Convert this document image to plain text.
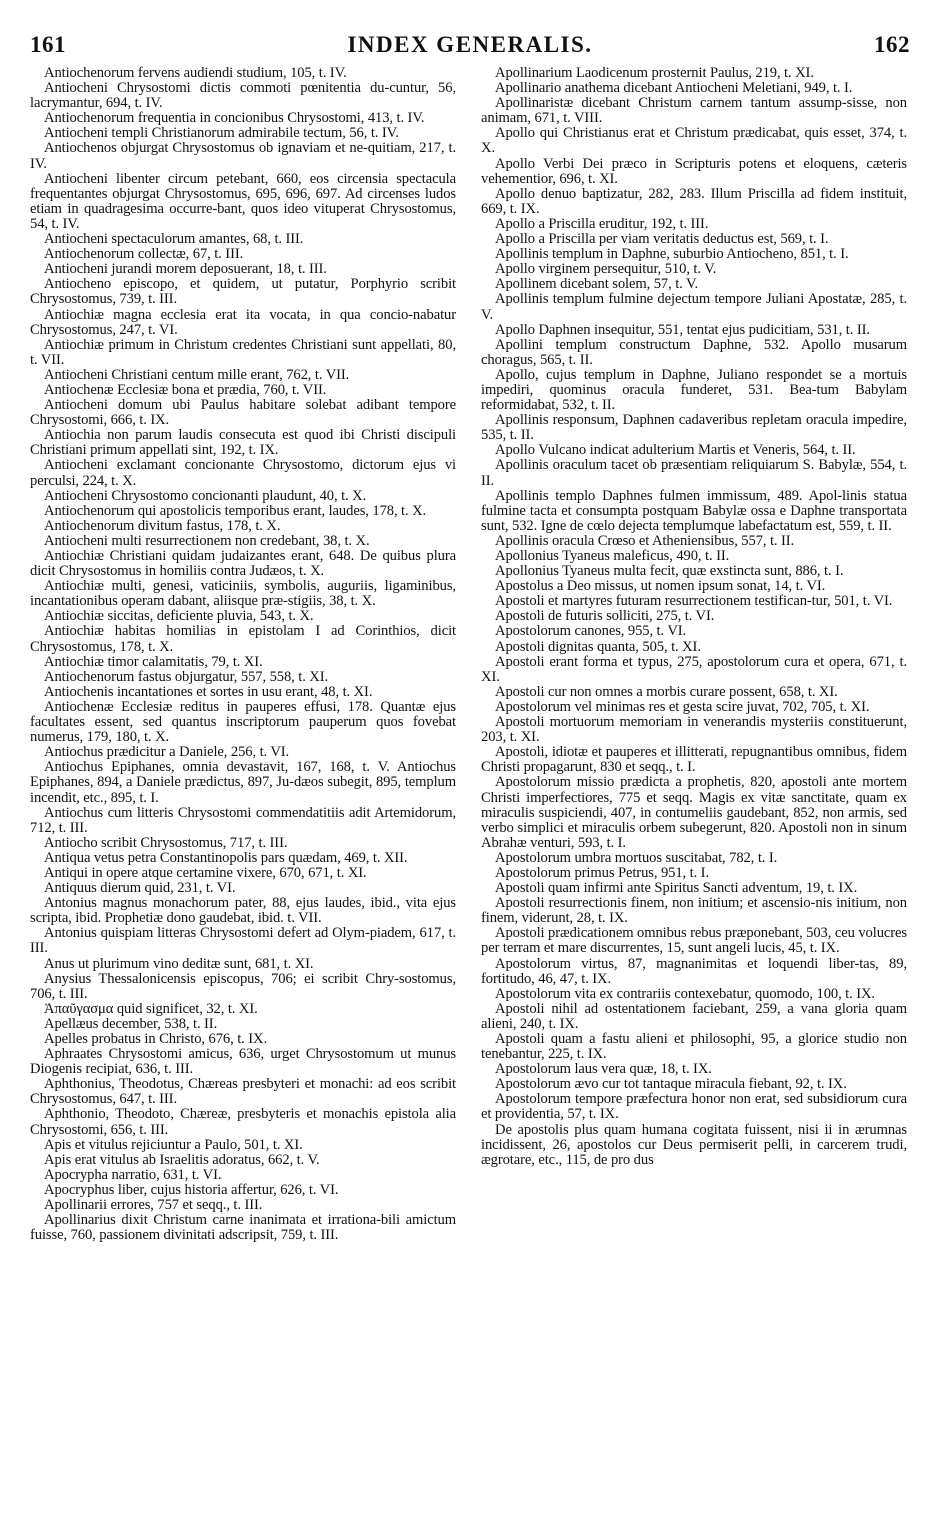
161	INDEX GENERALIS.	162

Antiochenorum fervens audiendi studium, 105, t. IV.

Antiocheni Chrysostomi dictis commoti pœnitentia du-cuntur, 56, lacrymantur, 694, t. IV.

Antiochenorum frequentia in concionibus Chrysostomi, 413, t. IV.

Antiocheni templi Christianorum admirabile tectum, 56, t. IV.

Antiochenos objurgat Chrysostomus ob ignaviam et ne-quitiam, 217, t. IV.

Antiocheni libenter circum petebant, 660, eos circensia spectacula frequentantes objurgat Chrysostomus, 695, 696, 697. Ad circenses ludos etiam in quadragesima occurre-bant, quos ideo vituperat Chrysostomus, 54, t. IV.

Antiocheni spectaculorum amantes, 68, t. III.

Antiochenorum collectæ, 67, t. III.

Antiocheni jurandi morem deposuerant, 18, t. III.

Antiocheno episcopo, et quidem, ut putatur, Porphyrio scribit Chrysostomus, 739, t. III.

Antiochiæ magna ecclesia erat ita vocata, in qua concio-nabatur Chrysostomus, 247, t. VI.

Antiochiæ primum in Christum credentes Christiani sunt appellati, 80, t. VII.

Antiocheni Christiani centum mille erant, 762, t. VII.

Antiochenæ Ecclesiæ bona et prædia, 760, t. VII.

Antiocheni domum ubi Paulus habitare solebat adibant tempore Chrysostomi, 666, t. IX.

Antiochia non parum laudis consecuta est quod ibi Christi discipuli Christiani primum appellati sint, 192, t. IX.

Antiocheni exclamant concionante Chrysostomo, dictorum ejus vi perculsi, 224, t. X.

Antiocheni Chrysostomo concionanti plaudunt, 40, t. X.

Antiochenorum qui apostolicis temporibus erant, laudes, 178, t. X.

Antiochenorum divitum fastus, 178, t. X.

Antiocheni multi resurrectionem non credebant, 38, t. X.

Antiochiæ Christiani quidam judaizantes erant, 648. De quibus plura dicit Chrysostomus in homiliis contra Judæos, t. X.

Antiochiæ multi, genesi, vaticiniis, symbolis, auguriis, ligaminibus, incantationibus operam dabant, aliisque præ-stigiis, 38, t. X.

Antiochiæ siccitas, deficiente pluvia, 543, t. X.

Antiochiæ habitas homilias in epistolam I ad Corinthios, dicit Chrysostomus, 178, t. X.

Antiochiæ timor calamitatis, 79, t. XI.

Antiochenorum fastus objurgatur, 557, 558, t. XI.

Antiochenis incantationes et sortes in usu erant, 48, t. XI.

Antiochenæ Ecclesiæ reditus in pauperes effusi, 178. Quantæ ejus facultates essent, sed quantus inscriptorum pauperum quos fovebat numerus, 179, 180, t. X.

Antiochus prædicitur a Daniele, 256, t. VI.

Antiochus Epiphanes, omnia devastavit, 167, 168, t. V. Antiochus Epiphanes, 894, a Daniele prædictus, 897, Ju-dæos subegit, 895, templum incendit, etc., 895, t. I.

Antiochus cum litteris Chrysostomi commendatitiis adit Artemidorum, 712, t. III.

Antiocho scribit Chrysostomus, 717, t. III.

Antiqua vetus petra Constantinopolis pars quædam, 469, t. XII.

Antiqui in opere atque certamine vixere, 670, 671, t. XI.

Antiquus dierum quid, 231, t. VI.

Antonius magnus monachorum pater, 88, ejus laudes, ibid., vita ejus scripta, ibid. Prophetiæ dono gaudebat, ibid. t. VII.

Antonius quispiam litteras Chrysostomi defert ad Olym-piadem, 617, t. III.

Anus ut plurimum vino deditæ sunt, 681, t. XI.

Anysius Thessalonicensis episcopus, 706; ei scribit Chry-sostomus, 706, t. III.

Ἀπαῦγασμα quid significet, 32, t. XI.

Apellæus december, 538, t. II.

Apelles probatus in Christo, 676, t. IX.

Aphraates Chrysostomi amicus, 636, urget Chrysostomum ut munus Diogenis recipiat, 636, t. III.

Aphthonius, Theodotus, Chæreas presbyteri et monachi: ad eos scribit Chrysostomus, 647, t. III.

Aphthonio, Theodoto, Chæreæ, presbyteris et monachis epistola alia Chrysostomi, 656, t. III.

Apis et vitulus rejiciuntur a Paulo, 501, t. XI.

Apis erat vitulus ab Israelitis adoratus, 662, t. V.

Apocrypha narratio, 631, t. VI.

Apocryphus liber, cujus historia affertur, 626, t. VI.

Apollinarii errores, 757 et seqq., t. III.

Apollinarius dixit Christum carne inanimata et irrationa-bili amictum fuisse, 760, passionem divinitati adscripsit, 759, t. III.

Apollinarium Laodicenum prosternit Paulus, 219, t. XI.

Apollinario anathema dicebant Antiocheni Meletiani, 949, t. I.

Apollinaristæ dicebant Christum carnem tantum assump-sisse, non animam, 671, t. VIII.

Apollo qui Christianus erat et Christum prædicabat, quis esset, 374, t. X.

Apollo Verbi Dei præco in Scripturis potens et eloquens, cæteris vehementior, 696, t. XI.

Apollo denuo baptizatur, 282, 283. Illum Priscilla ad fidem instituit, 669, t. IX.

Apollo a Priscilla eruditur, 192, t. III.

Apollo a Priscilla per viam veritatis deductus est, 569, t. I.

Apollinis templum in Daphne, suburbio Antiocheno, 851, t. I.

Apollo virginem persequitur, 510, t. V.

Apollinem dicebant solem, 57, t. V.

Apollinis templum fulmine dejectum tempore Juliani Apostatæ, 285, t. V.

Apollo Daphnen insequitur, 551, tentat ejus pudicitiam, 531, t. II.

Apollini templum constructum Daphne, 532. Apollo musarum choragus, 565, t. II.

Apollo, cujus templum in Daphne, Juliano respondet se a mortuis impediri, quominus oracula funderet, 531. Bea-tum Babylam reformidabat, 532, t. II.

Apollinis responsum, Daphnen cadaveribus repletam oracula impedire, 535, t. II.

Apollo Vulcano indicat adulterium Martis et Veneris, 564, t. II.

Apollinis oraculum tacet ob præsentiam reliquiarum S. Babylæ, 554, t. II.

Apollinis templo Daphnes fulmen immissum, 489. Apol-linis statua fulmine tacta et consumpta postquam Babylæ ossa e Daphne transportata sunt, 532. Igne de cœlo dejecta templumque labefactatum est, 559, t. II.

Apollinis oracula Crœso et Atheniensibus, 557, t. II.

Apollonius Tyaneus maleficus, 490, t. II.

Apollonius Tyaneus multa fecit, quæ exstincta sunt, 886, t. I.

Apostolus a Deo missus, ut nomen ipsum sonat, 14, t. VI.

Apostoli et martyres futuram resurrectionem testifican-tur, 501, t. VI.

Apostoli de futuris solliciti, 275, t. VI.

Apostolorum canones, 955, t. VI.

Apostoli dignitas quanta, 505, t. XI.

Apostoli erant forma et typus, 275, apostolorum cura et opera, 671, t. XI.

Apostoli cur non omnes a morbis curare possent, 658, t. XI.

Apostolorum vel minimas res et gesta scire juvat, 702, 705, t. XI.

Apostoli mortuorum memoriam in venerandis mysteriis constituerunt, 203, t. XI.

Apostoli, idiotæ et pauperes et illitterati, repugnantibus omnibus, fidem Christi propagarunt, 830 et seqq., t. I.

Apostolorum missio prædicta a prophetis, 820, apostoli ante mortem Christi imperfectiores, 775 et seqq. Magis ex vitæ sanctitate, quam ex miraculis suspiciendi, 407, in contumeliis gaudebant, 852, non armis, sed verbo simplici et miraculis orbem subegerunt, 820. Apostoli non in sinum Abrahæ venturi, 593, t. I.

Apostolorum umbra mortuos suscitabat, 782, t. I.

Apostolorum primus Petrus, 951, t. I.

Apostoli quam infirmi ante Spiritus Sancti adventum, 19, t. IX.

Apostoli resurrectionis finem, non initium; et ascensio-nis initium, non finem, viderunt, 28, t. IX.

Apostoli prædicationem omnibus rebus præponebant, 503, ceu volucres per terram et mare discurrentes, 15, sunt angeli lucis, 45, t. IX.

Apostolorum virtus, 87, magnanimitas et loquendi liber-tas, 89, fortitudo, 46, 47, t. IX.

Apostolorum vita ex contrariis contexebatur, quomodo, 100, t. IX.

Apostoli nihil ad ostentationem faciebant, 259, a vana gloria quam alieni, 240, t. IX.

Apostoli quam a fastu alieni et philosophi, 95, a glorice studio non tenebantur, 225, t. IX.

Apostolorum laus vera quæ, 18, t. IX.

Apostolorum ævo cur tot tantaque miracula fiebant, 92, t. IX.

Apostolorum tempore præfectura honor non erat, sed subsidiorum cura et providentia, 57, t. IX.

De apostolis plus quam humana cogitata fuissent, nisi ii in ærumnas incidissent, 26, apostolos cur Deus permiserit pelli, in carcerem trudi, ægrotare, etc., 115, de pro dus
